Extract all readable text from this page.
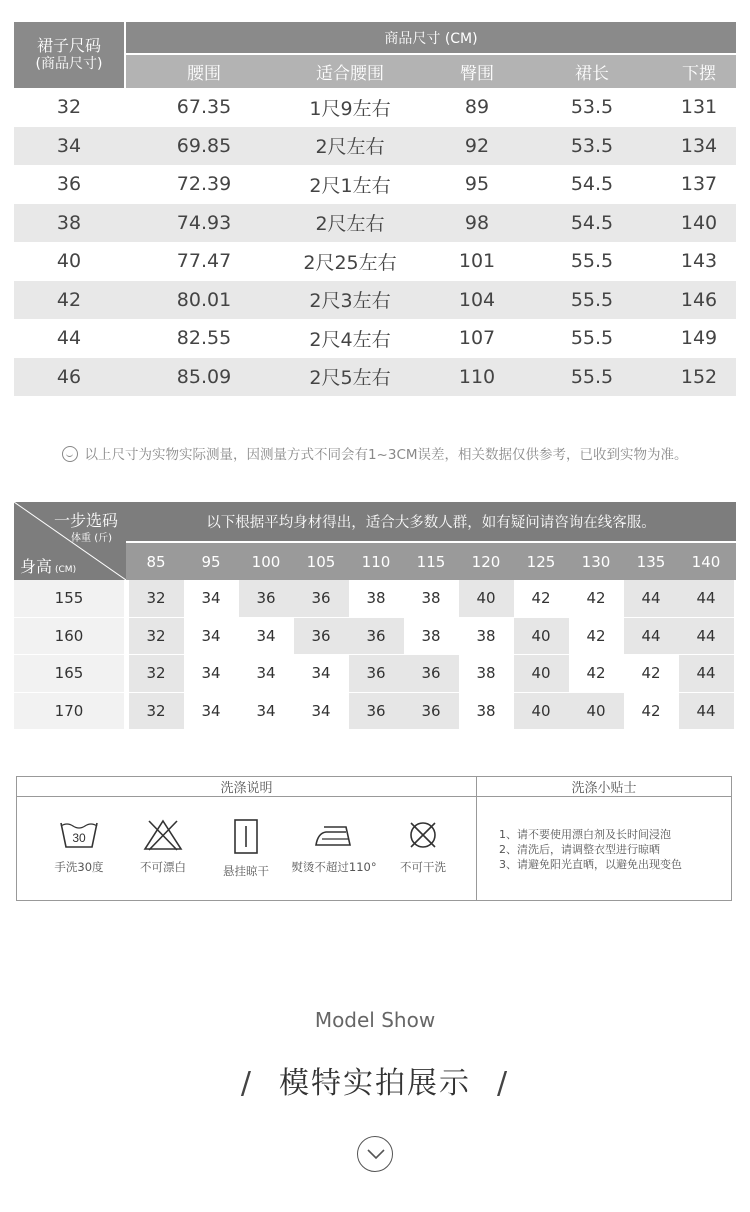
裙子尺码
(商品尺寸)
商品尺寸 (CM)
腰围	适合腰围	臀围	裙长	下摆
32	67.35	1尺9左右	89	53.5	131
34	69.85	2尺左右	92	53.5	134
36	72.39	2尺1左右	95	54.5	137
38	74.93	2尺左右	98	54.5	140
40	77.47	2尺25左右	101	55.5	143
42	80.01	2尺3左右	104	55.5	146
44	82.55	2尺4左右	107	55.5	149
46	85.09	2尺5左右	110	55.5	152
以上尺寸为实物实际测量，因测量方式不同会有1~3CM误差，相关数据仅供参考，已收到实物为准。
一步选码
体重 (斤)
身高 (CM)
以下根据平均身材得出，适合大多数人群，如有疑问请咨询在线客服。
85	95	100	105	110	115	120	125	130	135	140
155	32	34	36	36	38	38	40	42	42	44	44
160	32	34	34	36	36	38	38	40	42	44	44
165	32	34	34	34	36	36	38	40	42	42	44
170	32	34	34	34	36	36	38	40	40	42	44
洗涤说明	洗涤小贴士
30
手洗30度	不可漂白	悬挂晾干	熨烫不超过110°	不可干洗
1、请不要使用漂白剂及长时间浸泡
2、清洗后，请调整衣型进行晾晒
3、请避免阳光直晒，以避免出现变色
Model Show
/ 模特实拍展示 /
